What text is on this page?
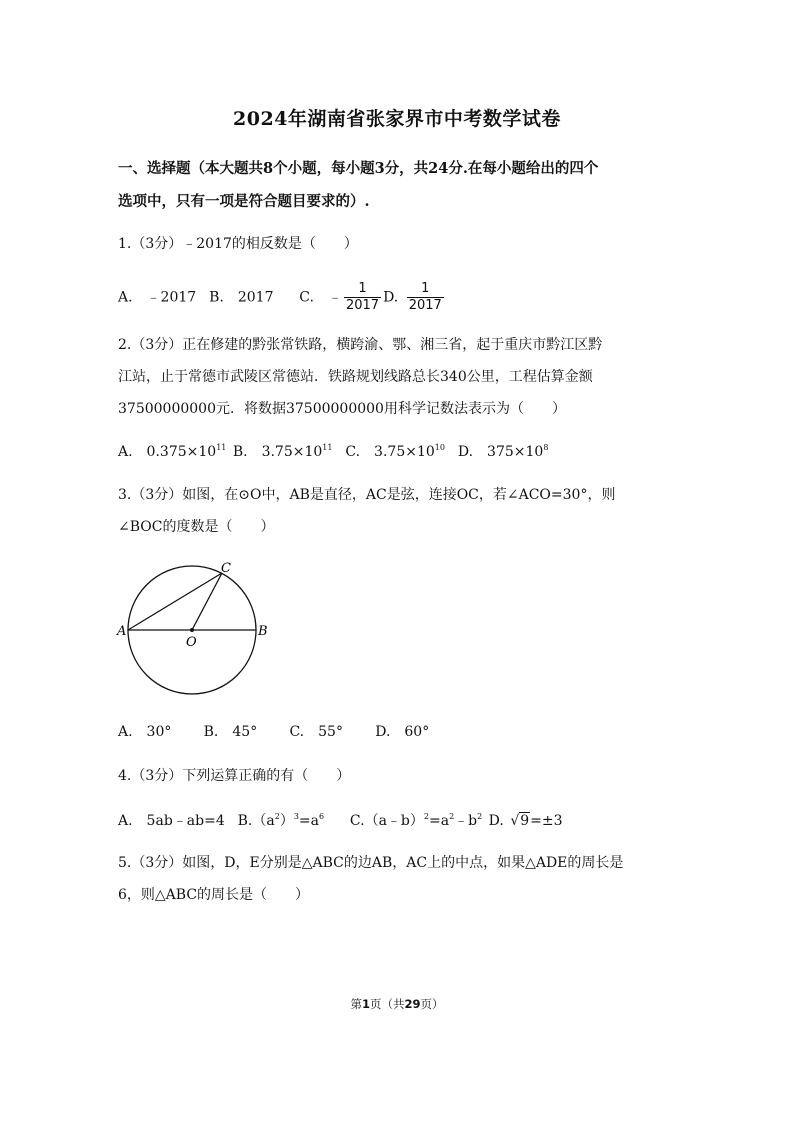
2024年湖南省张家界市中考数学试卷
一、选择题（本大题共8个小题，每小题3分，共24分.在每小题给出的四个
选项中，只有一项是符合题目要求的）.
1.（3分）﹣2017的相反数是（　　）
A.　﹣2017 B.　2017 C.　﹣ $\frac{1}{2017} D$. $\frac{1}{2017}$
2.（3分）正在修建的黔张常铁路，横跨渝、鄂、湘三省，起于重庆市黔江区黔
江站，止于常德市武陵区常德站．铁路规划线路总长340公里，工程估算金额
37500000000元．将数据37500000000用科学记数法表示为（　　）
A.　$0.375\times 10^{11}$ B.　$3.75\times 10^{11}$ C.　$3.75\times 10^{10}$ D.　$375\times 10^8$
3.（3分）如图，在⊙O中，AB是直径，AC是弦，连接OC，若∠ACO=30°，则
∠BOC的度数是（　　）
A	B
C
O
A.　30° B.　45° C.　55° D.　60°
4.（3分）下列运算正确的有（　　）
A.　5ab﹣ab=4 $B.(a^2)^3=a^6$ $C.(a﹣b)^2=a^2﹣b^2$ D. √9=±3
5.（3分）如图，D，E分别是△ABC的边AB，AC上的中点，如果△ADE的周长是
6，则△ABC的周长是（　　）
第1页（共29页）
